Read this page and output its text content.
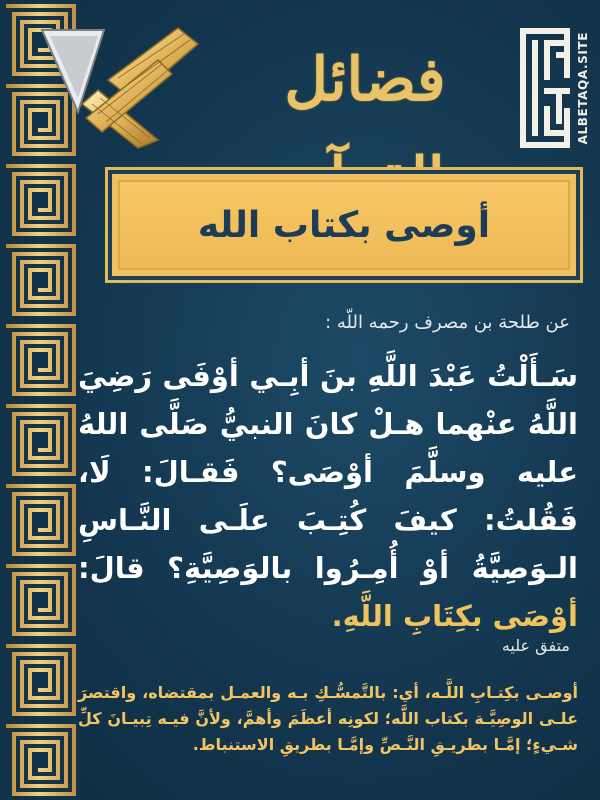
فضائل	ALBETAQA.SITE
أوصى بكتاب الله
عن طلحة بن مصرف رحمه اللّه :
سَـأَلْتُ عَبْدَ اللَّهِ بنَ أبِـي أوْفَى رَضِيَ اللَّهُ عنْهما هـلْ كانَ النبيُّ صَلَّى اللهُ عليه وسلَّمَ أوْصَى؟ فَقـالَ: لَا، فَقُلتُ: كيفَ كُتِـبَ علَـى النَّـاسِ الـوَصِيَّةُ أوْ أُمِـرُوا بالوَصِيَّةِ؟ قالَ: أوْصَى بكِتَابِ اللَّهِ.
متفق عليه
أوصـى بكِتـابِ اللَّـه، أي: بالتَّمسُّـكِ بـه والعمـل بمقتضاه، واقتصرَ علـى الوصِيَّـة بكتاب اللَّه؛ لكونِه أعظَمَ وأهمَّ، ولأنَّ فيـه تِبيـانَ كلِّ شـيءٍ؛ إمَّـا بطريـقِ النَّـصِّ وإمَّـا بطريقِ الاستنباط.
